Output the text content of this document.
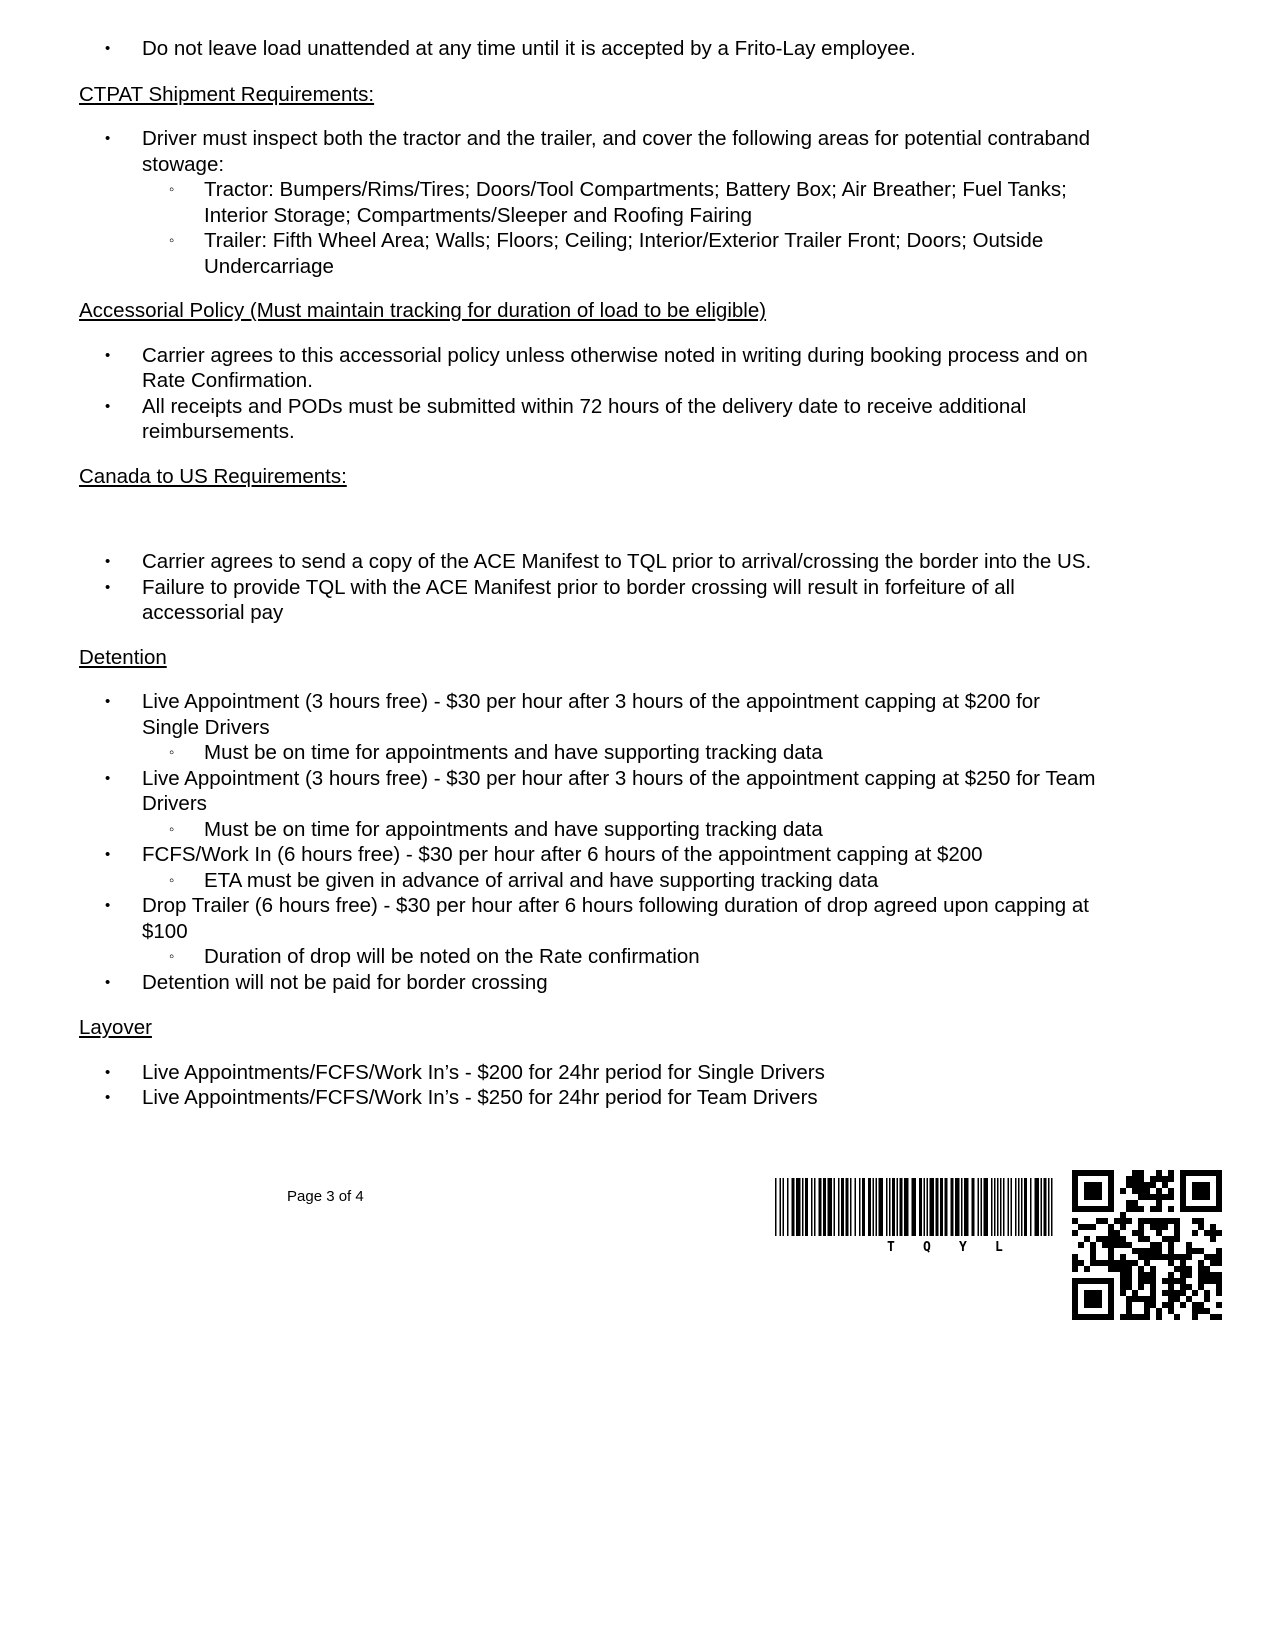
• Do not leave load unattended at any time until it is accepted by a Frito-Lay employee.

CTPAT Shipment Requirements:

• Driver must inspect both the tractor and the trailer, and cover the following areas for potential contraband stowage:
◦ Tractor: Bumpers/Rims/Tires; Doors/Tool Compartments; Battery Box; Air Breather; Fuel Tanks; Interior Storage; Compartments/Sleeper and Roofing Fairing
◦ Trailer: Fifth Wheel Area; Walls; Floors; Ceiling; Interior/Exterior Trailer Front; Doors; Outside Undercarriage

Accessorial Policy (Must maintain tracking for duration of load to be eligible)

• Carrier agrees to this accessorial policy unless otherwise noted in writing during booking process and on Rate Confirmation.
• All receipts and PODs must be submitted within 72 hours of the delivery date to receive additional reimbursements.

Canada to US Requirements:

• Carrier agrees to send a copy of the ACE Manifest to TQL prior to arrival/crossing the border into the US.
• Failure to provide TQL with the ACE Manifest prior to border crossing will result in forfeiture of all accessorial pay

Detention

• Live Appointment (3 hours free) - $30 per hour after 3 hours of the appointment capping at $200 for Single Drivers
◦ Must be on time for appointments and have supporting tracking data
• Live Appointment (3 hours free) - $30 per hour after 3 hours of the appointment capping at $250 for Team Drivers
◦ Must be on time for appointments and have supporting tracking data
• FCFS/Work In (6 hours free) - $30 per hour after 6 hours of the appointment capping at $200
◦ ETA must be given in advance of arrival and have supporting tracking data
• Drop Trailer (6 hours free) - $30 per hour after 6 hours following duration of drop agreed upon capping at $100
◦ Duration of drop will be noted on the Rate confirmation
• Detention will not be paid for border crossing

Layover

• Live Appointments/FCFS/Work In’s - $200 for 24hr period for Single Drivers
• Live Appointments/FCFS/Work In’s - $250 for 24hr period for Team Drivers
Page 3 of 4
T Q Y L
